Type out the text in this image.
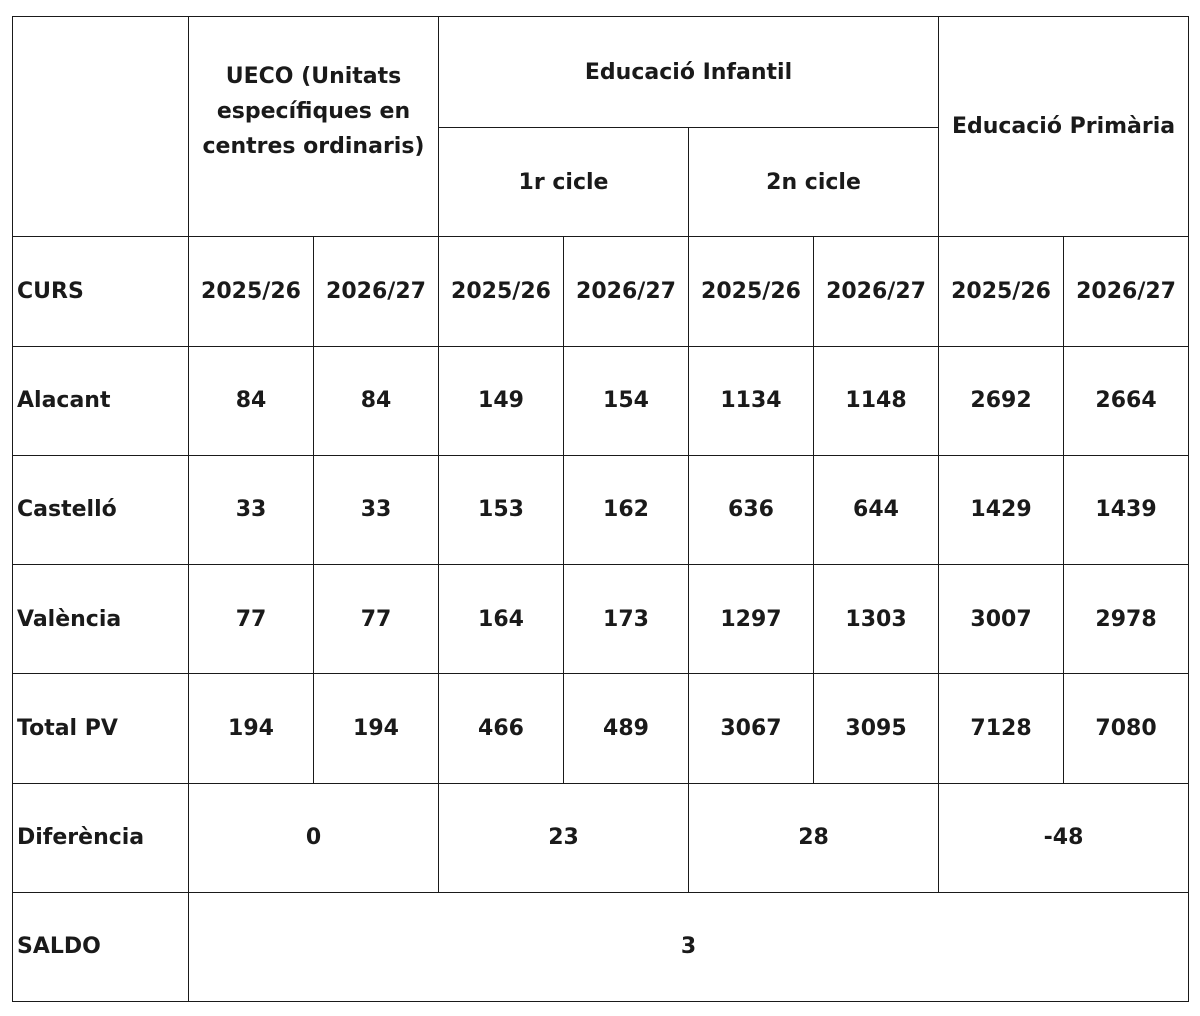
	UECO (Unitats específiques en centres ordinaris)		Educació Infantil				Educació Primària	
			1r cicle		2n cicle			
CURS	2025/26	2026/27	2025/26	2026/27	2025/26	2026/27	2025/26	2026/27
Alacant	84	84	149	154	1134	1148	2692	2664
Castelló	33	33	153	162	636	644	1429	1439
València	77	77	164	173	1297	1303	3007	2978
Total PV	194	194	466	489	3067	3095	7128	7080
Diferència	0		23		28		-48	
SALDO	3							
